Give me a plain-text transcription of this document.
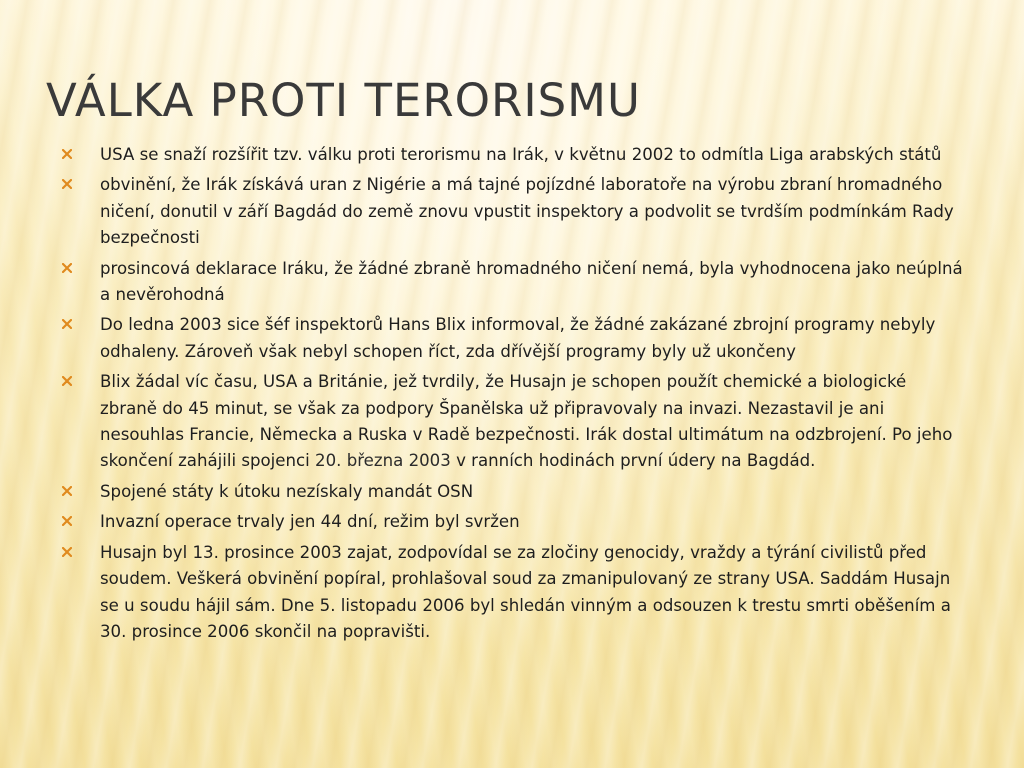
VÁLKA PROTI TERORISMU
USA se snaží rozšířit tzv. válku proti terorismu na Irák, v květnu 2002 to odmítla Liga arabských států
obvinění, že Irák získává uran z Nigérie a má tajné pojízdné laboratoře na výrobu zbraní hromadného ničení, donutil v září Bagdád do země znovu vpustit inspektory a podvolit se tvrdším podmínkám Rady bezpečnosti
prosincová deklarace Iráku, že žádné zbraně hromadného ničení nemá, byla vyhodnocena jako neúplná a nevěrohodná
Do ledna 2003 sice šéf inspektorů Hans Blix informoval, že žádné zakázané zbrojní programy nebyly odhaleny. Zároveň však nebyl schopen říct, zda dřívější programy byly už ukončeny
Blix žádal víc času, USA a Británie, jež tvrdily, že Husajn je schopen použít chemické a biologické zbraně do 45 minut, se však za podpory Španělska už připravovaly na invazi. Nezastavil je ani nesouhlas Francie, Německa a Ruska v Radě bezpečnosti. Irák dostal ultimátum na odzbrojení. Po jeho skončení zahájili spojenci 20. března 2003 v ranních hodinách první údery na Bagdád.
Spojené státy k útoku nezískaly mandát OSN
Invazní operace trvaly jen 44 dní, režim byl svržen
Husajn byl 13. prosince 2003 zajat, zodpovídal se za zločiny genocidy, vraždy a týrání civilistů před soudem. Veškerá obvinění popíral, prohlašoval soud za zmanipulovaný ze strany USA. Saddám Husajn se u soudu hájil sám. Dne 5. listopadu 2006 byl shledán vinným a odsouzen k trestu smrti oběšením a 30. prosince 2006 skončil na popravišti.
